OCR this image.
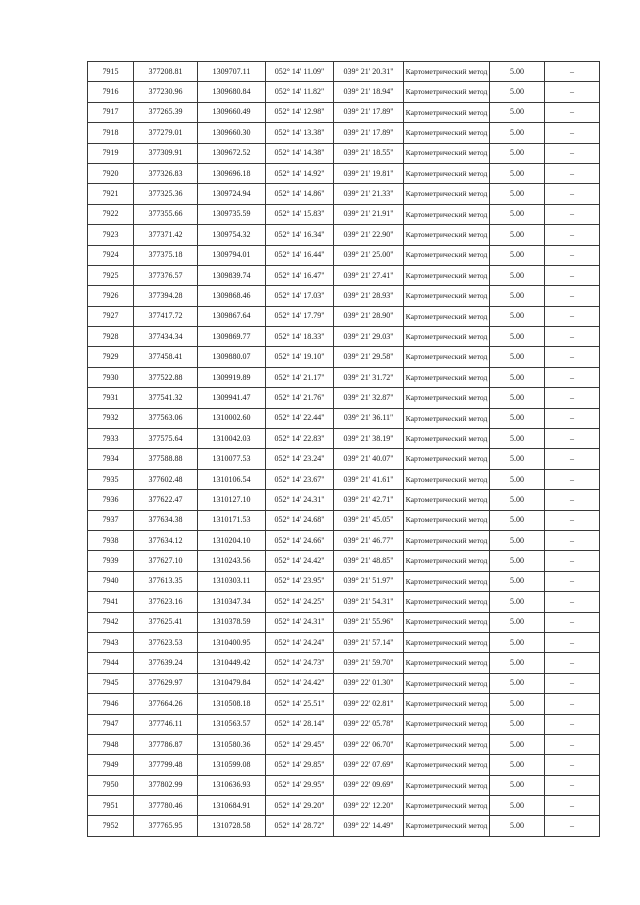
7915	377208.81	1309707.11	052° 14' 11.09"	039° 21' 20.31"	Картометрический метод	5.00	–
7916	377230.96	1309680.84	052° 14' 11.82"	039° 21' 18.94"	Картометрический метод	5.00	–
7917	377265.39	1309660.49	052° 14' 12.98"	039° 21' 17.89"	Картометрический метод	5.00	–
7918	377279.01	1309660.30	052° 14' 13.38"	039° 21' 17.89"	Картометрический метод	5.00	–
7919	377309.91	1309672.52	052° 14' 14.38"	039° 21' 18.55"	Картометрический метод	5.00	–
7920	377326.83	1309696.18	052° 14' 14.92"	039° 21' 19.81"	Картометрический метод	5.00	–
7921	377325.36	1309724.94	052° 14' 14.86"	039° 21' 21.33"	Картометрический метод	5.00	–
7922	377355.66	1309735.59	052° 14' 15.83"	039° 21' 21.91"	Картометрический метод	5.00	–
7923	377371.42	1309754.32	052° 14' 16.34"	039° 21' 22.90"	Картометрический метод	5.00	–
7924	377375.18	1309794.01	052° 14' 16.44"	039° 21' 25.00"	Картометрический метод	5.00	–
7925	377376.57	1309839.74	052° 14' 16.47"	039° 21' 27.41"	Картометрический метод	5.00	–
7926	377394.28	1309868.46	052° 14' 17.03"	039° 21' 28.93"	Картометрический метод	5.00	–
7927	377417.72	1309867.64	052° 14' 17.79"	039° 21' 28.90"	Картометрический метод	5.00	–
7928	377434.34	1309869.77	052° 14' 18.33"	039° 21' 29.03"	Картометрический метод	5.00	–
7929	377458.41	1309880.07	052° 14' 19.10"	039° 21' 29.58"	Картометрический метод	5.00	–
7930	377522.88	1309919.89	052° 14' 21.17"	039° 21' 31.72"	Картометрический метод	5.00	–
7931	377541.32	1309941.47	052° 14' 21.76"	039° 21' 32.87"	Картометрический метод	5.00	–
7932	377563.06	1310002.60	052° 14' 22.44"	039° 21' 36.11"	Картометрический метод	5.00	–
7933	377575.64	1310042.03	052° 14' 22.83"	039° 21' 38.19"	Картометрический метод	5.00	–
7934	377588.88	1310077.53	052° 14' 23.24"	039° 21' 40.07"	Картометрический метод	5.00	–
7935	377602.48	1310106.54	052° 14' 23.67"	039° 21' 41.61"	Картометрический метод	5.00	–
7936	377622.47	1310127.10	052° 14' 24.31"	039° 21' 42.71"	Картометрический метод	5.00	–
7937	377634.38	1310171.53	052° 14' 24.68"	039° 21' 45.05"	Картометрический метод	5.00	–
7938	377634.12	1310204.10	052° 14' 24.66"	039° 21' 46.77"	Картометрический метод	5.00	–
7939	377627.10	1310243.56	052° 14' 24.42"	039° 21' 48.85"	Картометрический метод	5.00	–
7940	377613.35	1310303.11	052° 14' 23.95"	039° 21' 51.97"	Картометрический метод	5.00	–
7941	377623.16	1310347.34	052° 14' 24.25"	039° 21' 54.31"	Картометрический метод	5.00	–
7942	377625.41	1310378.59	052° 14' 24.31"	039° 21' 55.96"	Картометрический метод	5.00	–
7943	377623.53	1310400.95	052° 14' 24.24"	039° 21' 57.14"	Картометрический метод	5.00	–
7944	377639.24	1310449.42	052° 14' 24.73"	039° 21' 59.70"	Картометрический метод	5.00	–
7945	377629.97	1310479.84	052° 14' 24.42"	039° 22' 01.30"	Картометрический метод	5.00	–
7946	377664.26	1310508.18	052° 14' 25.51"	039° 22' 02.81"	Картометрический метод	5.00	–
7947	377746.11	1310563.57	052° 14' 28.14"	039° 22' 05.78"	Картометрический метод	5.00	–
7948	377786.87	1310580.36	052° 14' 29.45"	039° 22' 06.70"	Картометрический метод	5.00	–
7949	377799.48	1310599.08	052° 14' 29.85"	039° 22' 07.69"	Картометрический метод	5.00	–
7950	377802.99	1310636.93	052° 14' 29.95"	039° 22' 09.69"	Картометрический метод	5.00	–
7951	377780.46	1310684.91	052° 14' 29.20"	039° 22' 12.20"	Картометрический метод	5.00	–
7952	377765.95	1310728.58	052° 14' 28.72"	039° 22' 14.49"	Картометрический метод	5.00	–
